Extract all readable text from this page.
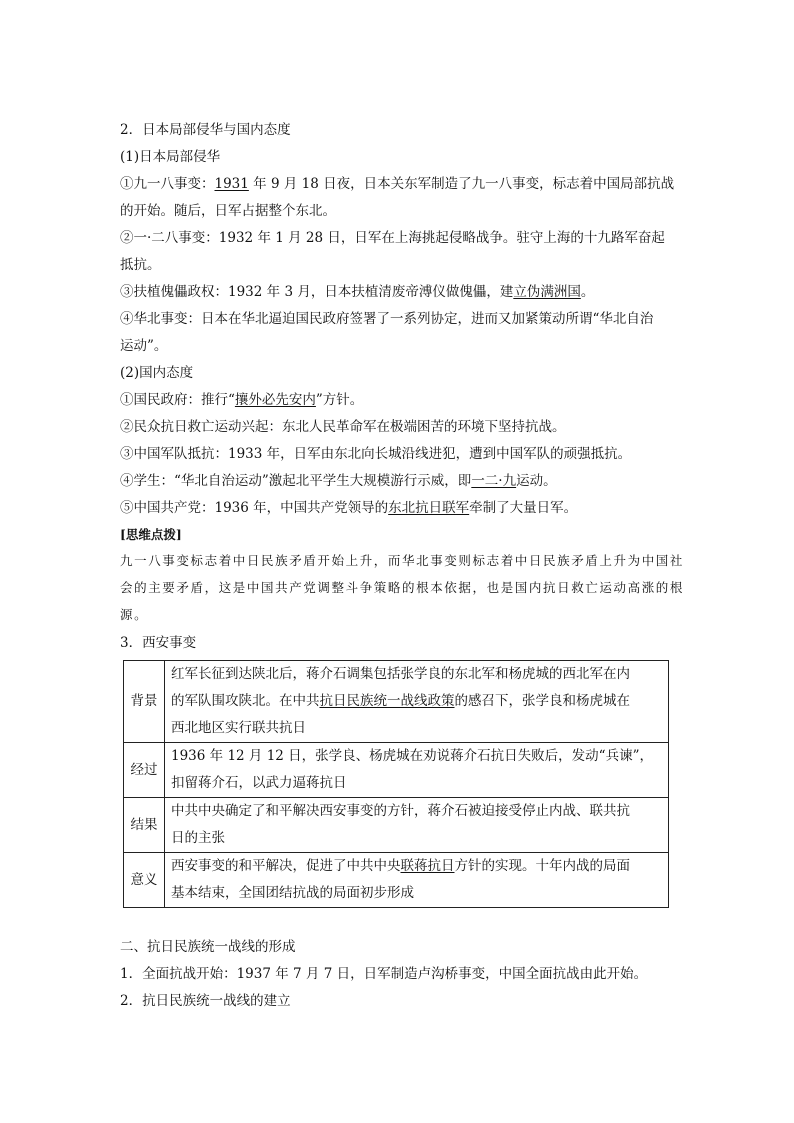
2．日本局部侵华与国内态度
(1)日本局部侵华
①九一八事变：1931 年 9 月 18 日夜，日本关东军制造了九一八事变，标志着中国局部抗战
的开始。随后，日军占据整个东北。
②一·二八事变：1932 年 1 月 28 日，日军在上海挑起侵略战争。驻守上海的十九路军奋起
抵抗。
③扶植傀儡政权：1932 年 3 月，日本扶植清废帝溥仪做傀儡，建立伪满洲国。
④华北事变：日本在华北逼迫国民政府签署了一系列协定，进而又加紧策动所谓“华北自治
运动”。
(2)国内态度
①国民政府：推行“攘外必先安内”方针。
②民众抗日救亡运动兴起：东北人民革命军在极端困苦的环境下坚持抗战。
③中国军队抵抗：1933 年，日军由东北向长城沿线进犯，遭到中国军队的顽强抵抗。
④学生：“华北自治运动”激起北平学生大规模游行示威，即一二·九运动。
⑤中国共产党：1936 年，中国共产党领导的东北抗日联军牵制了大量日军。
[思维点拨]
九一八事变标志着中日民族矛盾开始上升，而华北事变则标志着中日民族矛盾上升为中国社
会的主要矛盾，这是中国共产党调整斗争策略的根本依据，也是国内抗日救亡运动高涨的根
源。
3．西安事变
背景	红军长征到达陕北后，蒋介石调集包括张学良的东北军和杨虎城的西北军在内
的军队围攻陕北。在中共抗日民族统一战线政策的感召下，张学良和杨虎城在
西北地区实行联共抗日

经过	1936 年 12 月 12 日，张学良、杨虎城在劝说蒋介石抗日失败后，发动“兵谏”，
扣留蒋介石，以武力逼蒋抗日

结果	中共中央确定了和平解决西安事变的方针，蒋介石被迫接受停止内战、联共抗
日的主张

意义	西安事变的和平解决，促进了中共中央联蒋抗日方针的实现。十年内战的局面
基本结束，全国团结抗战的局面初步形成
二、抗日民族统一战线的形成
1．全面抗战开始：1937 年 7 月 7 日，日军制造卢沟桥事变，中国全面抗战由此开始。
2．抗日民族统一战线的建立
